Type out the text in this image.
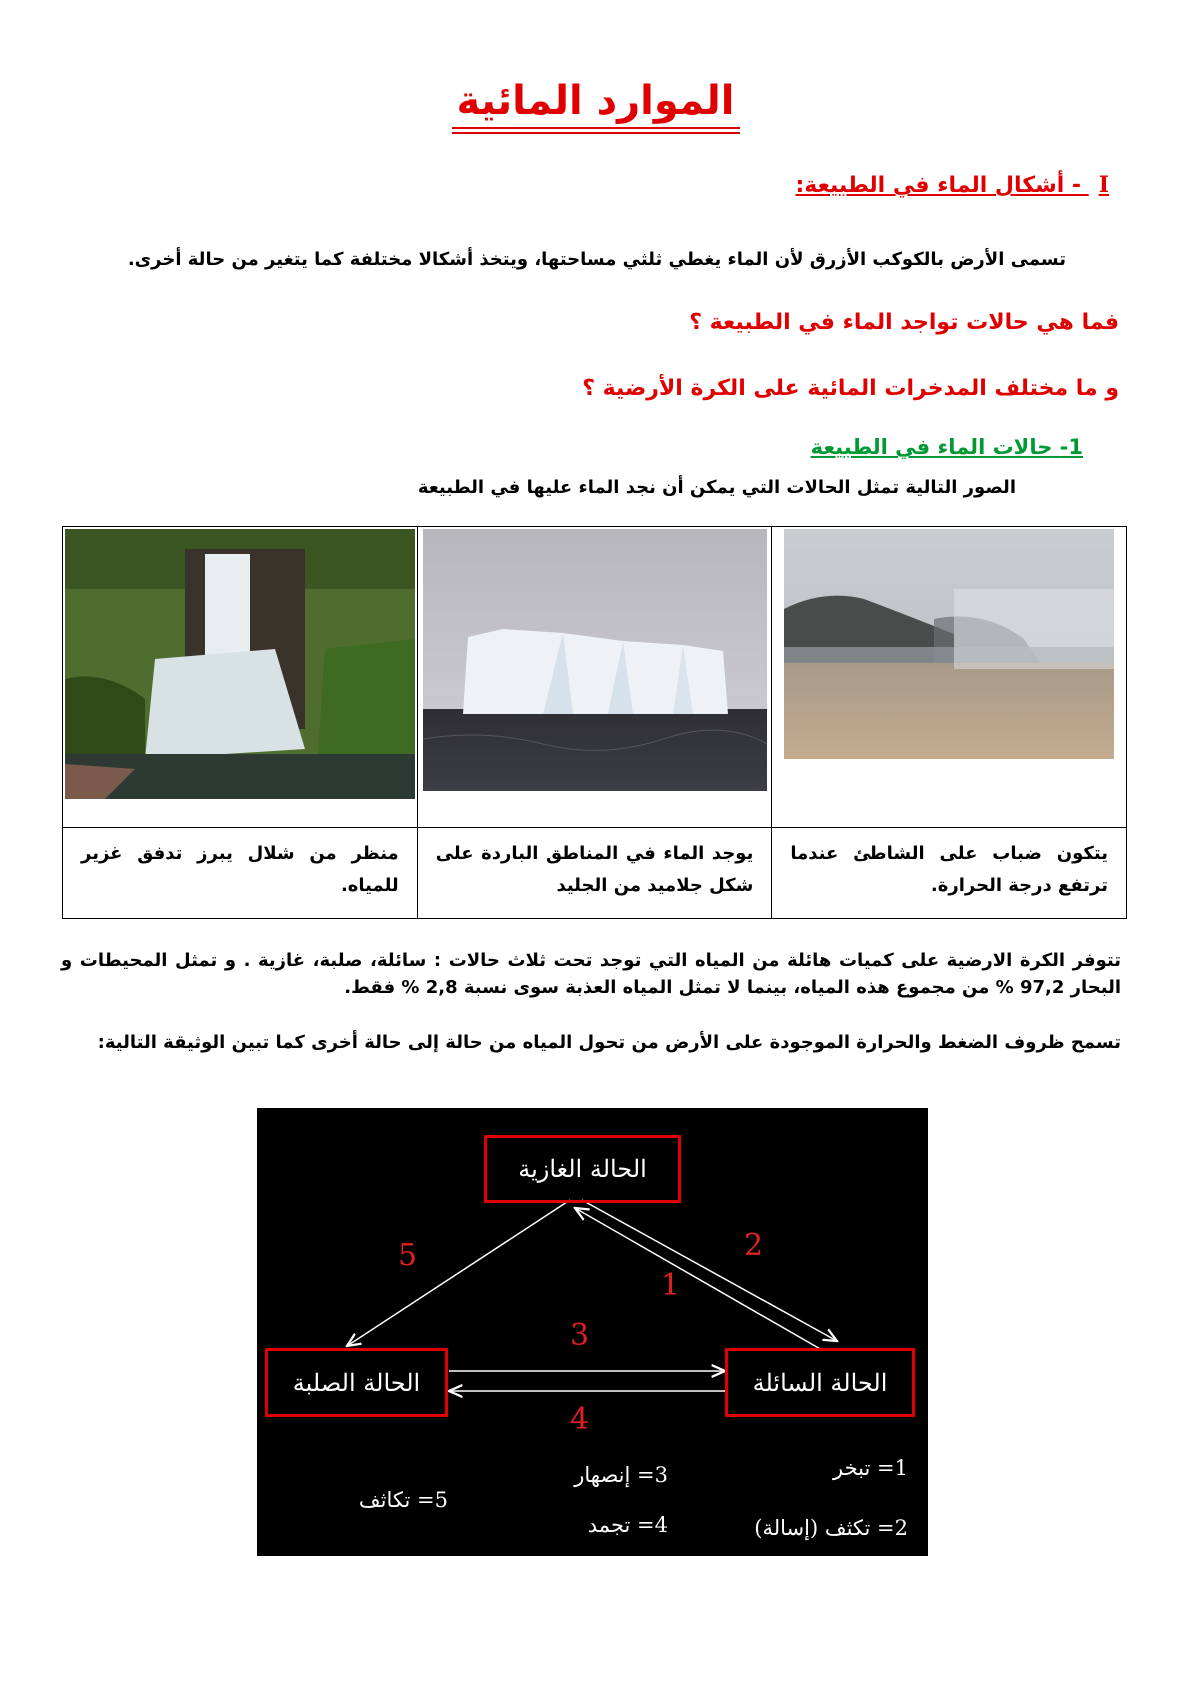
الموارد المائية
I - أشكال الماء في الطبيعة:
تسمى الأرض بالكوكب الأزرق لأن الماء يغطي ثلثي مساحتها، ويتخذ أشكالا مختلفة كما يتغير من حالة أخرى.
فما هي حالات تواجد الماء في الطبيعة ؟
و ما مختلف المدخرات المائية على الكرة الأرضية ؟
1- حالات الماء في الطبيعة
الصور التالية تمثل الحالات التي يمكن أن نجد الماء عليها في الطبيعة

يتكون ضباب على الشاطئ عندما ترتفع درجة الحرارة.	يوجد الماء في المناطق الباردة على شكل جلاميد من الجليد	منظر من شلال يبرز تدفق غزير للمياه.
تتوفر الكرة الارضية على كميات هائلة من المياه التي توجد تحت ثلاث حالات : سائلة، صلبة، غازية . و تمثل المحيطات و البحار 97,2 % من مجموع هذه المياه، بينما لا تمثل المياه العذبة سوى نسبة 2,8 % فقط.
تسمح ظروف الضغط والحرارة الموجودة على الأرض من تحول المياه من حالة إلى حالة أخرى كما تبين الوثيقة التالية:
الحالة الغازية
الحالة الصلبة	الحالة السائلة
1
2
3
4
5
1= تبخر
2= تكثف (إسالة)
3= إنصهار
4= تجمد
5= تكاثف
